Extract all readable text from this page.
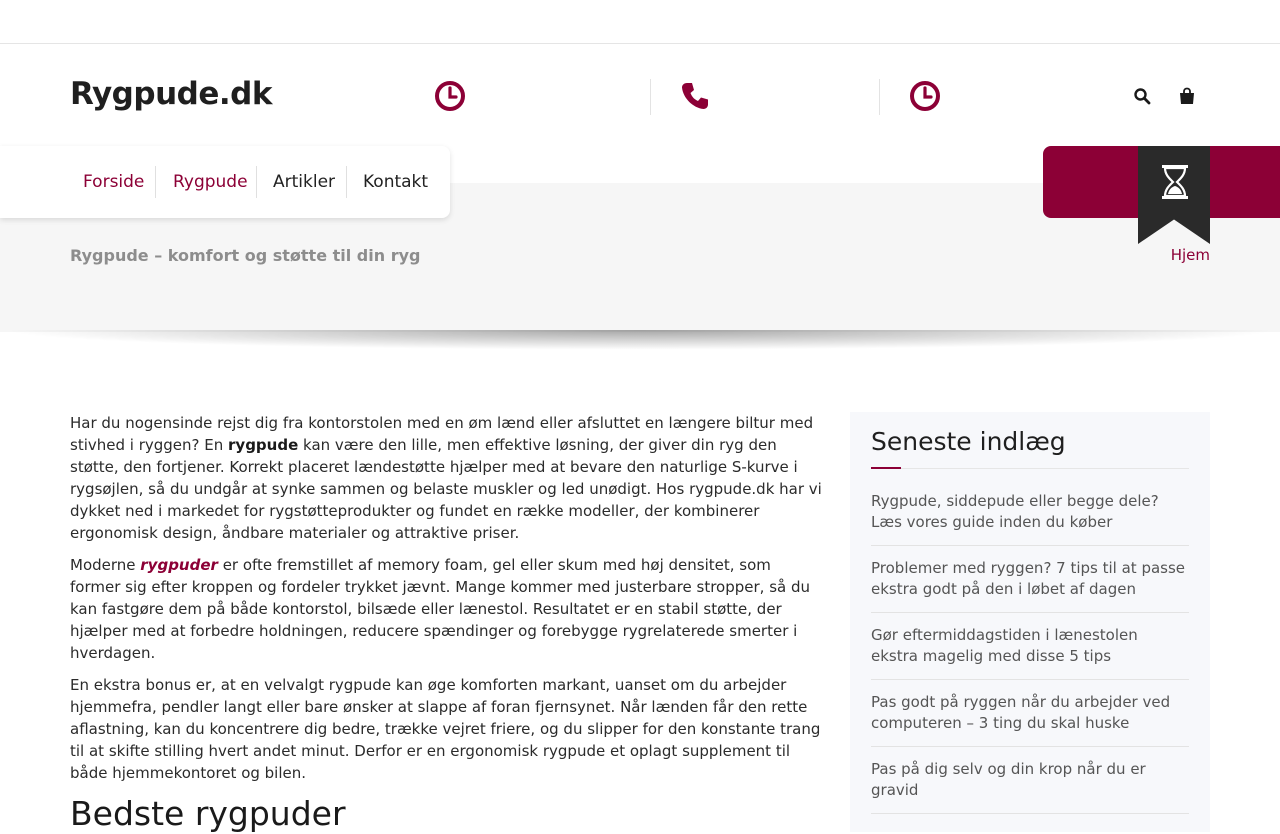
Rygpude.dk
Rygpude – komfort og støtte til din ryg	Hjem
Forside Rygpude Artikler Kontakt

Har du nogensinde rejst dig fra kontorstolen med en øm lænd eller afsluttet en længere biltur med stivhed i ryggen? En rygpude kan være den lille, men effektive løsning, der giver din ryg den støtte, den fortjener. Korrekt placeret lændestøtte hjælper med at bevare den naturlige S-kurve i rygsøjlen, så du undgår at synke sammen og belaste muskler og led unødigt. Hos rygpude.dk har vi dykket ned i markedet for rygstøtteprodukter og fundet en række modeller, der kombinerer ergonomisk design, åndbare materialer og attraktive priser.

Moderne rygpuder er ofte fremstillet af memory foam, gel eller skum med høj densitet, som former sig efter kroppen og fordeler trykket jævnt. Mange kommer med justerbare stropper, så du kan fastgøre dem på både kontorstol, bilsæde eller lænestol. Resultatet er en stabil støtte, der hjælper med at forbedre holdningen, reducere spændinger og forebygge rygrelaterede smerter i hverdagen.

En ekstra bonus er, at en velvalgt rygpude kan øge komforten markant, uanset om du arbejder hjemmefra, pendler langt eller bare ønsker at slappe af foran fjernsynet. Når lænden får den rette aflastning, kan du koncentrere dig bedre, trække vejret friere, og du slipper for den konstante trang til at skifte stilling hvert andet minut. Derfor er en ergonomisk rygpude et oplagt supplement til både hjemmekontoret og bilen.

Bedste rygpuder
Seneste indlæg
Rygpude, siddepude eller begge dele? Læs vores guide inden du køber
Problemer med ryggen? 7 tips til at passe ekstra godt på den i løbet af dagen
Gør eftermiddagstiden i lænestolen ekstra magelig med disse 5 tips
Pas godt på ryggen når du arbejder ved computeren – 3 ting du skal huske
Pas på dig selv og din krop når du er gravid
